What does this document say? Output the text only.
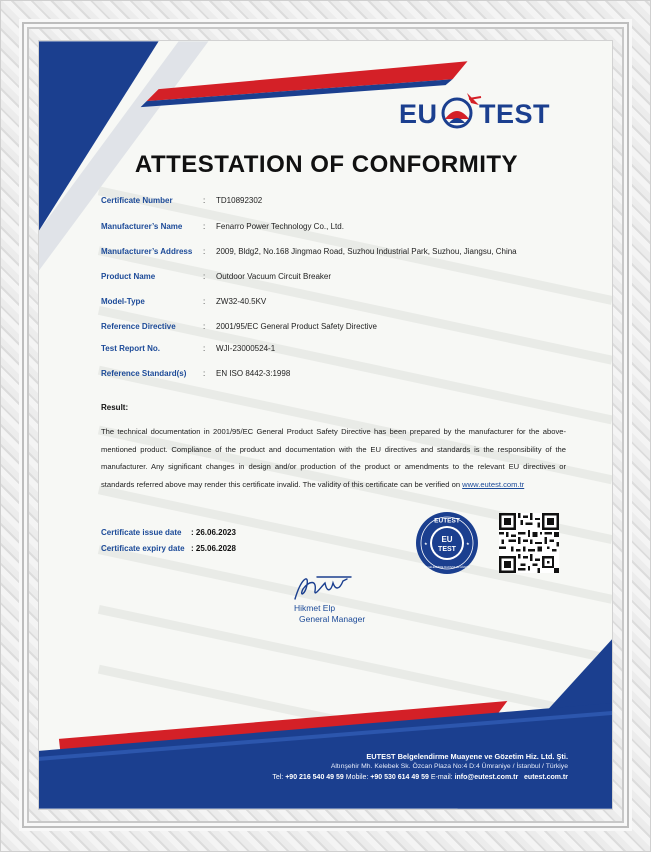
EU TEST
ATTESTATION OF CONFORMITY
Certificate Number	: TD10892302
Manufacturer’s Name	: Fenarro Power Technology Co., Ltd.
Manufacturer’s Address : 2009, Bldg2, No.168 Jingmao Road, Suzhou Industrial Park, Suzhou, Jiangsu, China
Product Name	: Outdoor Vacuum Circuit Breaker
Model-Type	: ZW32-40.5KV
Reference Directive	: 2001/95/EC General Product Safety Directive
Test Report No.	: WJI-23000524-1
Reference Standard(s) : EN ISO 8442-3:1998
Result:
The technical documentation in 2001/95/EC General Product Safety Directive has been prepared by the manufacturer for the above-mentioned product. Compliance of the product and documentation with the EU directives and standards is the responsibility of the manufacturer. Any significant changes in design and/or production of the product or amendments to the relevant EU directives or standards referred above may render this certificate invalid. The validity of this certificate can be verified on www.eutest.com.tr
Certificate issue date : 26.06.2023
Certificate expiry date : 25.06.2028
EUTEST
EU
TEST
BELGELENDİRME MUAYENE VE GÖZETİM
★	★
Hikmet Elp
General Manager
EUTEST Belgelendirme Muayene ve Gözetim Hiz. Ltd. Şti.
Altınşehir Mh. Kelebek Sk. Özcan Plaza No:4 D:4 Ümraniye / İstanbul / Türkiye
Tel: +90 216 540 49 59 Mobile: +90 530 614 49 59 E-mail: info@eutest.com.tr eutest.com.tr
